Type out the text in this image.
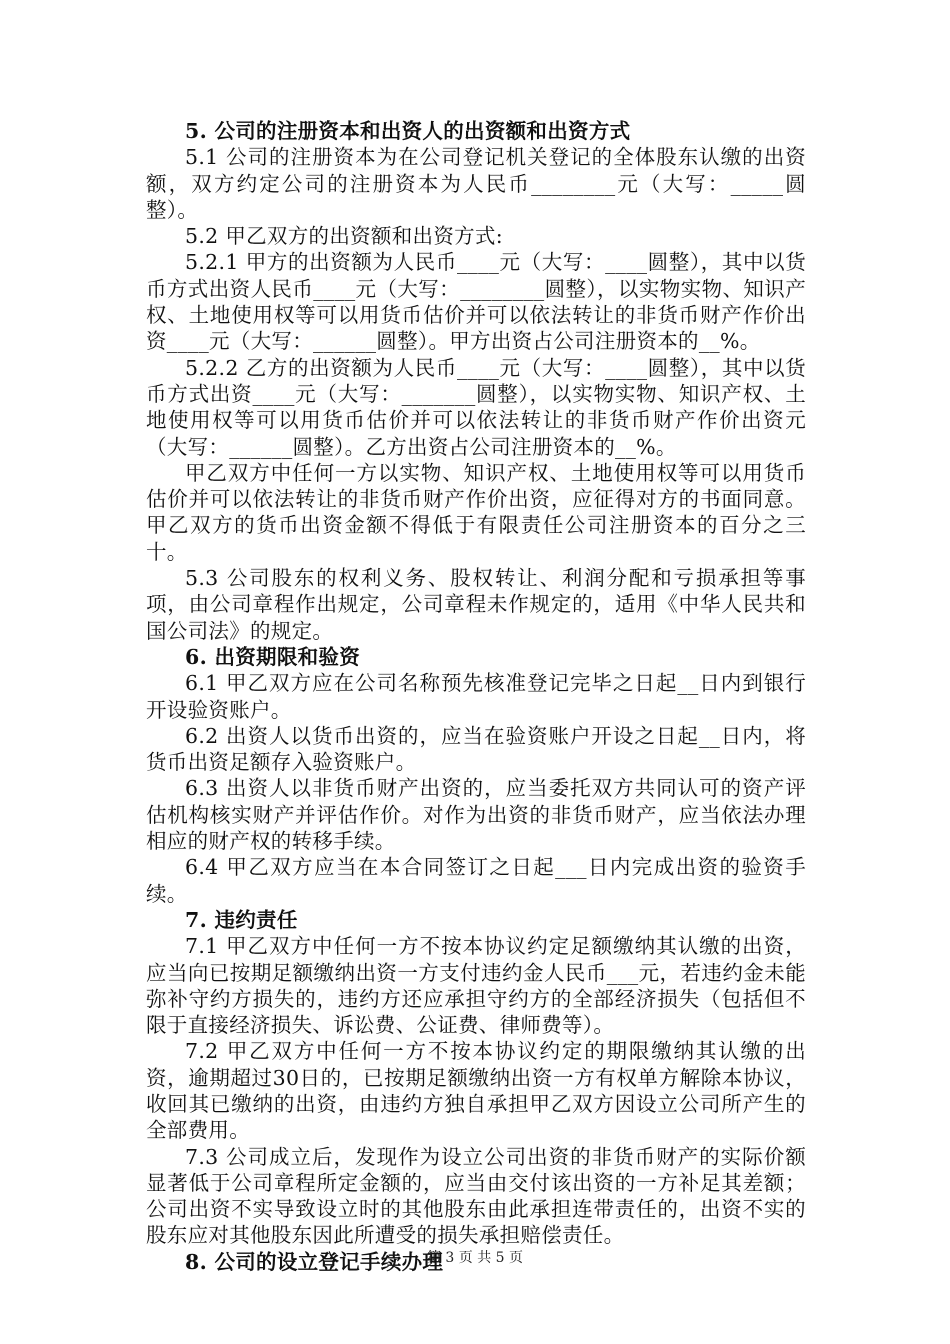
5. 公司的注册资本和出资人的出资额和出资方式

5.1 公司的注册资本为在公司登记机关登记的全体股东认缴的出资额，双方约定公司的注册资本为人民币________元（大写：_____圆整）。

5.2 甲乙双方的出资额和出资方式:

5.2.1 甲方的出资额为人民币____元（大写：____圆整），其中以货币方式出资人民币____元（大写：________圆整），以实物实物、知识产权、土地使用权等可以用货币估价并可以依法转让的非货币财产作价出资____元（大写：______圆整）。甲方出资占公司注册资本的__%。

5.2.2 乙方的出资额为人民币____元（大写：____圆整），其中以货币方式出资____元（大写：_______圆整），以实物实物、知识产权、土地使用权等可以用货币估价并可以依法转让的非货币财产作价出资元（大写：______圆整）。乙方出资占公司注册资本的__%。

甲乙双方中任何一方以实物、知识产权、土地使用权等可以用货币估价并可以依法转让的非货币财产作价出资，应征得对方的书面同意。甲乙双方的货币出资金额不得低于有限责任公司注册资本的百分之三十。

5.3 公司股东的权利义务、股权转让、利润分配和亏损承担等事项，由公司章程作出规定，公司章程未作规定的，适用《中华人民共和国公司法》的规定。

6. 出资期限和验资

6.1 甲乙双方应在公司名称预先核准登记完毕之日起__日内到银行开设验资账户。

6.2 出资人以货币出资的，应当在验资账户开设之日起__日内，将货币出资足额存入验资账户。

6.3 出资人以非货币财产出资的，应当委托双方共同认可的资产评估机构核实财产并评估作价。对作为出资的非货币财产，应当依法办理相应的财产权的转移手续。

6.4 甲乙双方应当在本合同签订之日起___日内完成出资的验资手续。

7. 违约责任

7.1 甲乙双方中任何一方不按本协议约定足额缴纳其认缴的出资，应当向已按期足额缴纳出资一方支付违约金人民币___元，若违约金未能弥补守约方损失的，违约方还应承担守约方的全部经济损失（包括但不限于直接经济损失、诉讼费、公证费、律师费等）。

7.2 甲乙双方中任何一方不按本协议约定的期限缴纳其认缴的出资，逾期超过30日的，已按期足额缴纳出资一方有权单方解除本协议，收回其已缴纳的出资，由违约方独自承担甲乙双方因设立公司所产生的全部费用。

7.3 公司成立后，发现作为设立公司出资的非货币财产的实际价额显著低于公司章程所定金额的，应当由交付该出资的一方补足其差额；公司出资不实导致设立时的其他股东由此承担连带责任的，出资不实的股东应对其他股东因此所遭受的损失承担赔偿责任。

8. 公司的设立登记手续办理

第 3 页 共 5 页
